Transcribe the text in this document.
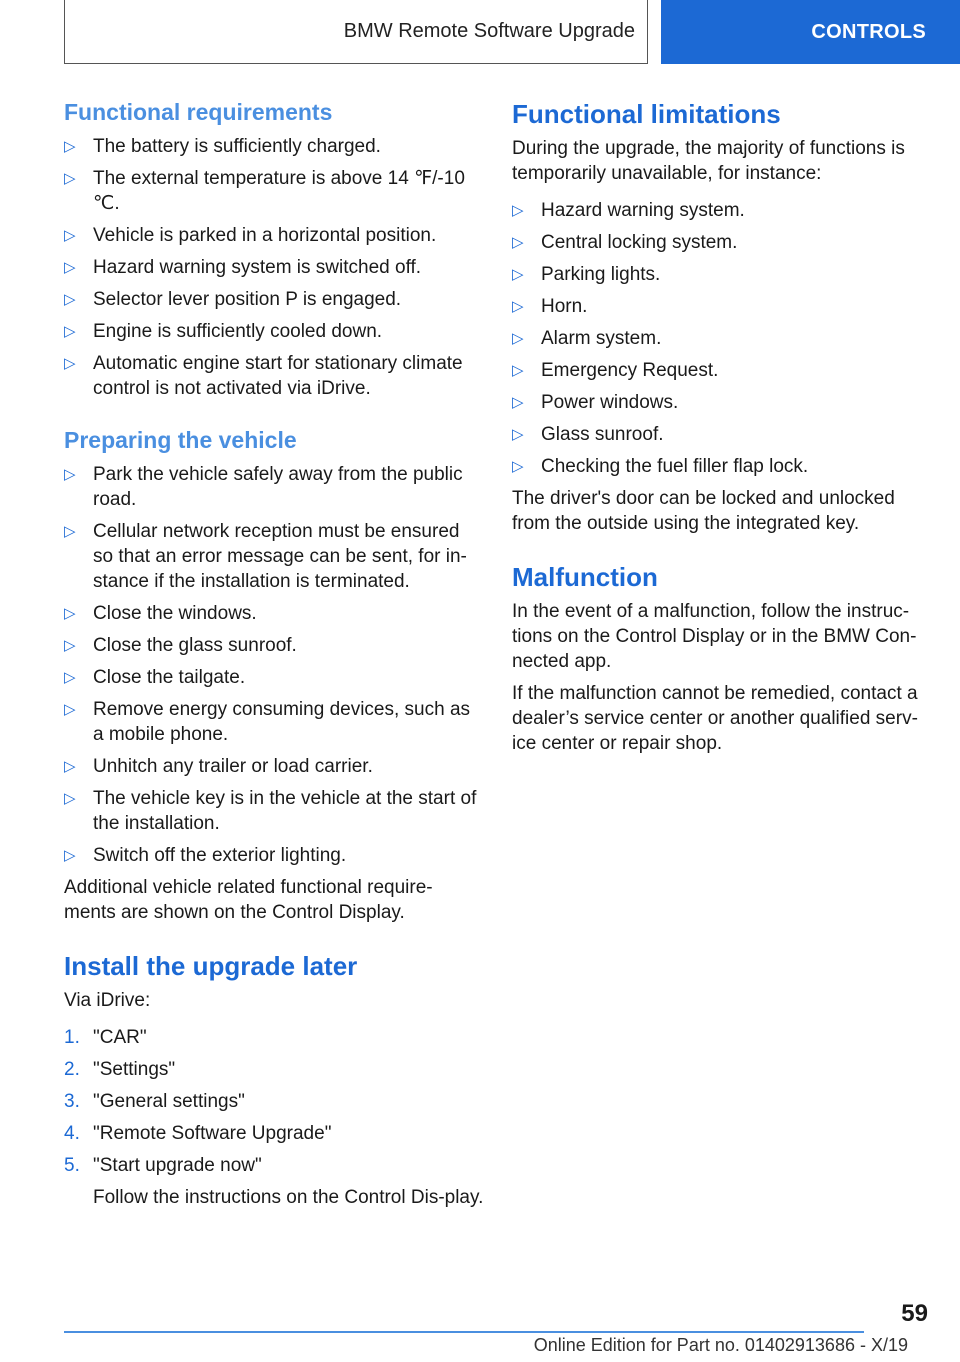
BMW Remote Software Upgrade	CONTROLS
Functional requirements
▷ The battery is sufficiently charged.
▷ The external temperature is above 14 ℉/-10 ℃.
▷ Vehicle is parked in a horizontal position.
▷ Hazard warning system is switched off.
▷ Selector lever position P is engaged.
▷ Engine is sufficiently cooled down.
▷ Automatic engine start for stationary climate control is not activated via iDrive.
Preparing the vehicle
▷ Park the vehicle safely away from the public road.
▷ Cellular network reception must be ensured so that an error message can be sent, for in-stance if the installation is terminated.
▷ Close the windows.
▷ Close the glass sunroof.
▷ Close the tailgate.
▷ Remove energy consuming devices, such as a mobile phone.
▷ Unhitch any trailer or load carrier.
▷ The vehicle key is in the vehicle at the start of the installation.
▷ Switch off the exterior lighting.

Additional vehicle related functional require-ments are shown on the Control Display.

Install the upgrade later

Via iDrive:

1. "CAR"
2. "Settings"
3. "General settings"
4. "Remote Software Upgrade"
5. "Start upgrade now"

Follow the instructions on the Control Dis-play.

Functional limitations

During the upgrade, the majority of functions is temporarily unavailable, for instance:

▷ Hazard warning system.
▷ Central locking system.
▷ Parking lights.
▷ Horn.
▷ Alarm system.
▷ Emergency Request.
▷ Power windows.
▷ Glass sunroof.
▷ Checking the fuel filler flap lock.

The driver's door can be locked and unlocked from the outside using the integrated key.

Malfunction

In the event of a malfunction, follow the instruc-tions on the Control Display or in the BMW Con-nected app.

If the malfunction cannot be remedied, contact a dealer’s service center or another qualified serv-ice center or repair shop.

59
Online Edition for Part no. 01402913686 - X/19
